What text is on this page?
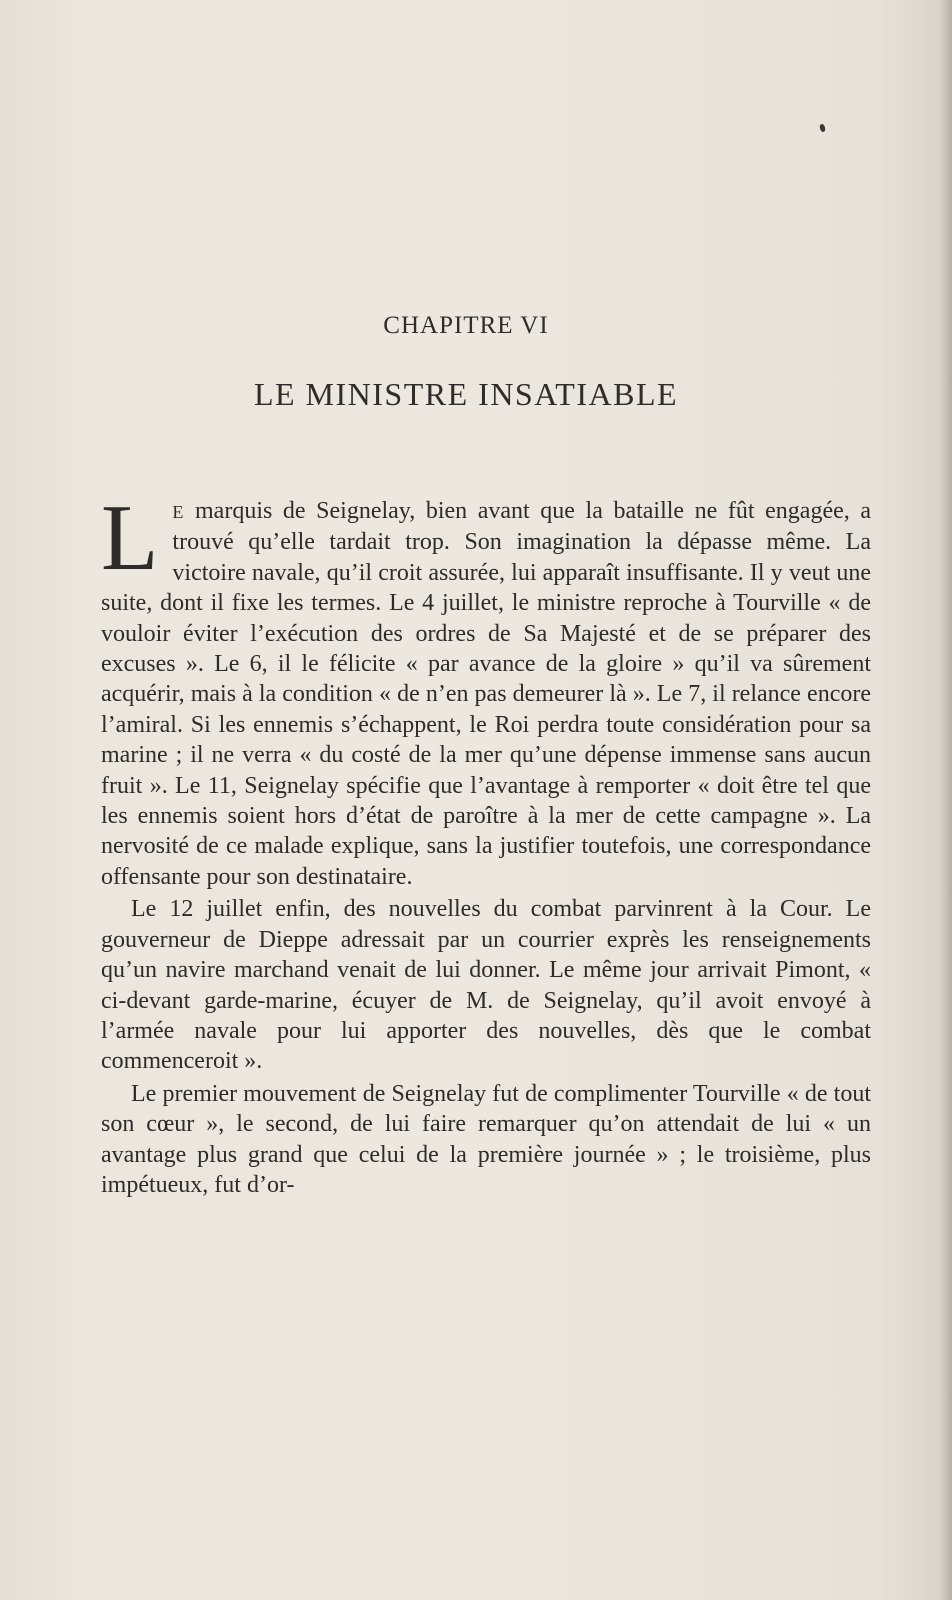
CHAPITRE VI
LE MINISTRE INSATIABLE

L E marquis de Seignelay, bien avant que la bataille ne fût engagée, a trouvé qu’elle tardait trop. Son imagination la dépasse même. La victoire navale, qu’il croit assurée, lui apparaît insuffisante. Il y veut une suite, dont il fixe les termes. Le 4 juillet, le ministre reproche à Tourville « de vouloir éviter l’exécution des ordres de Sa Majesté et de se préparer des excuses ». Le 6, il le félicite « par avance de la gloire » qu’il va sûrement acquérir, mais à la condition « de n’en pas demeurer là ». Le 7, il relance encore l’amiral. Si les ennemis s’échappent, le Roi perdra toute considération pour sa marine ; il ne verra « du costé de la mer qu’une dépense immense sans aucun fruit ». Le 11, Seignelay spécifie que l’avantage à remporter « doit être tel que les ennemis soient hors d’état de paroître à la mer de cette campagne ». La nervosité de ce malade explique, sans la justifier toutefois, une correspondance offensante pour son destinataire.

Le 12 juillet enfin, des nouvelles du combat parvinrent à la Cour. Le gouverneur de Dieppe adressait par un courrier exprès les renseignements qu’un navire marchand venait de lui donner. Le même jour arrivait Pimont, « ci-devant garde-marine, écuyer de M. de Seignelay, qu’il avoit envoyé à l’armée navale pour lui apporter des nouvelles, dès que le combat commenceroit ».

Le premier mouvement de Seignelay fut de complimenter Tourville « de tout son cœur », le second, de lui faire remarquer qu’on attendait de lui « un avantage plus grand que celui de la première journée » ; le troisième, plus impétueux, fut d’or-
